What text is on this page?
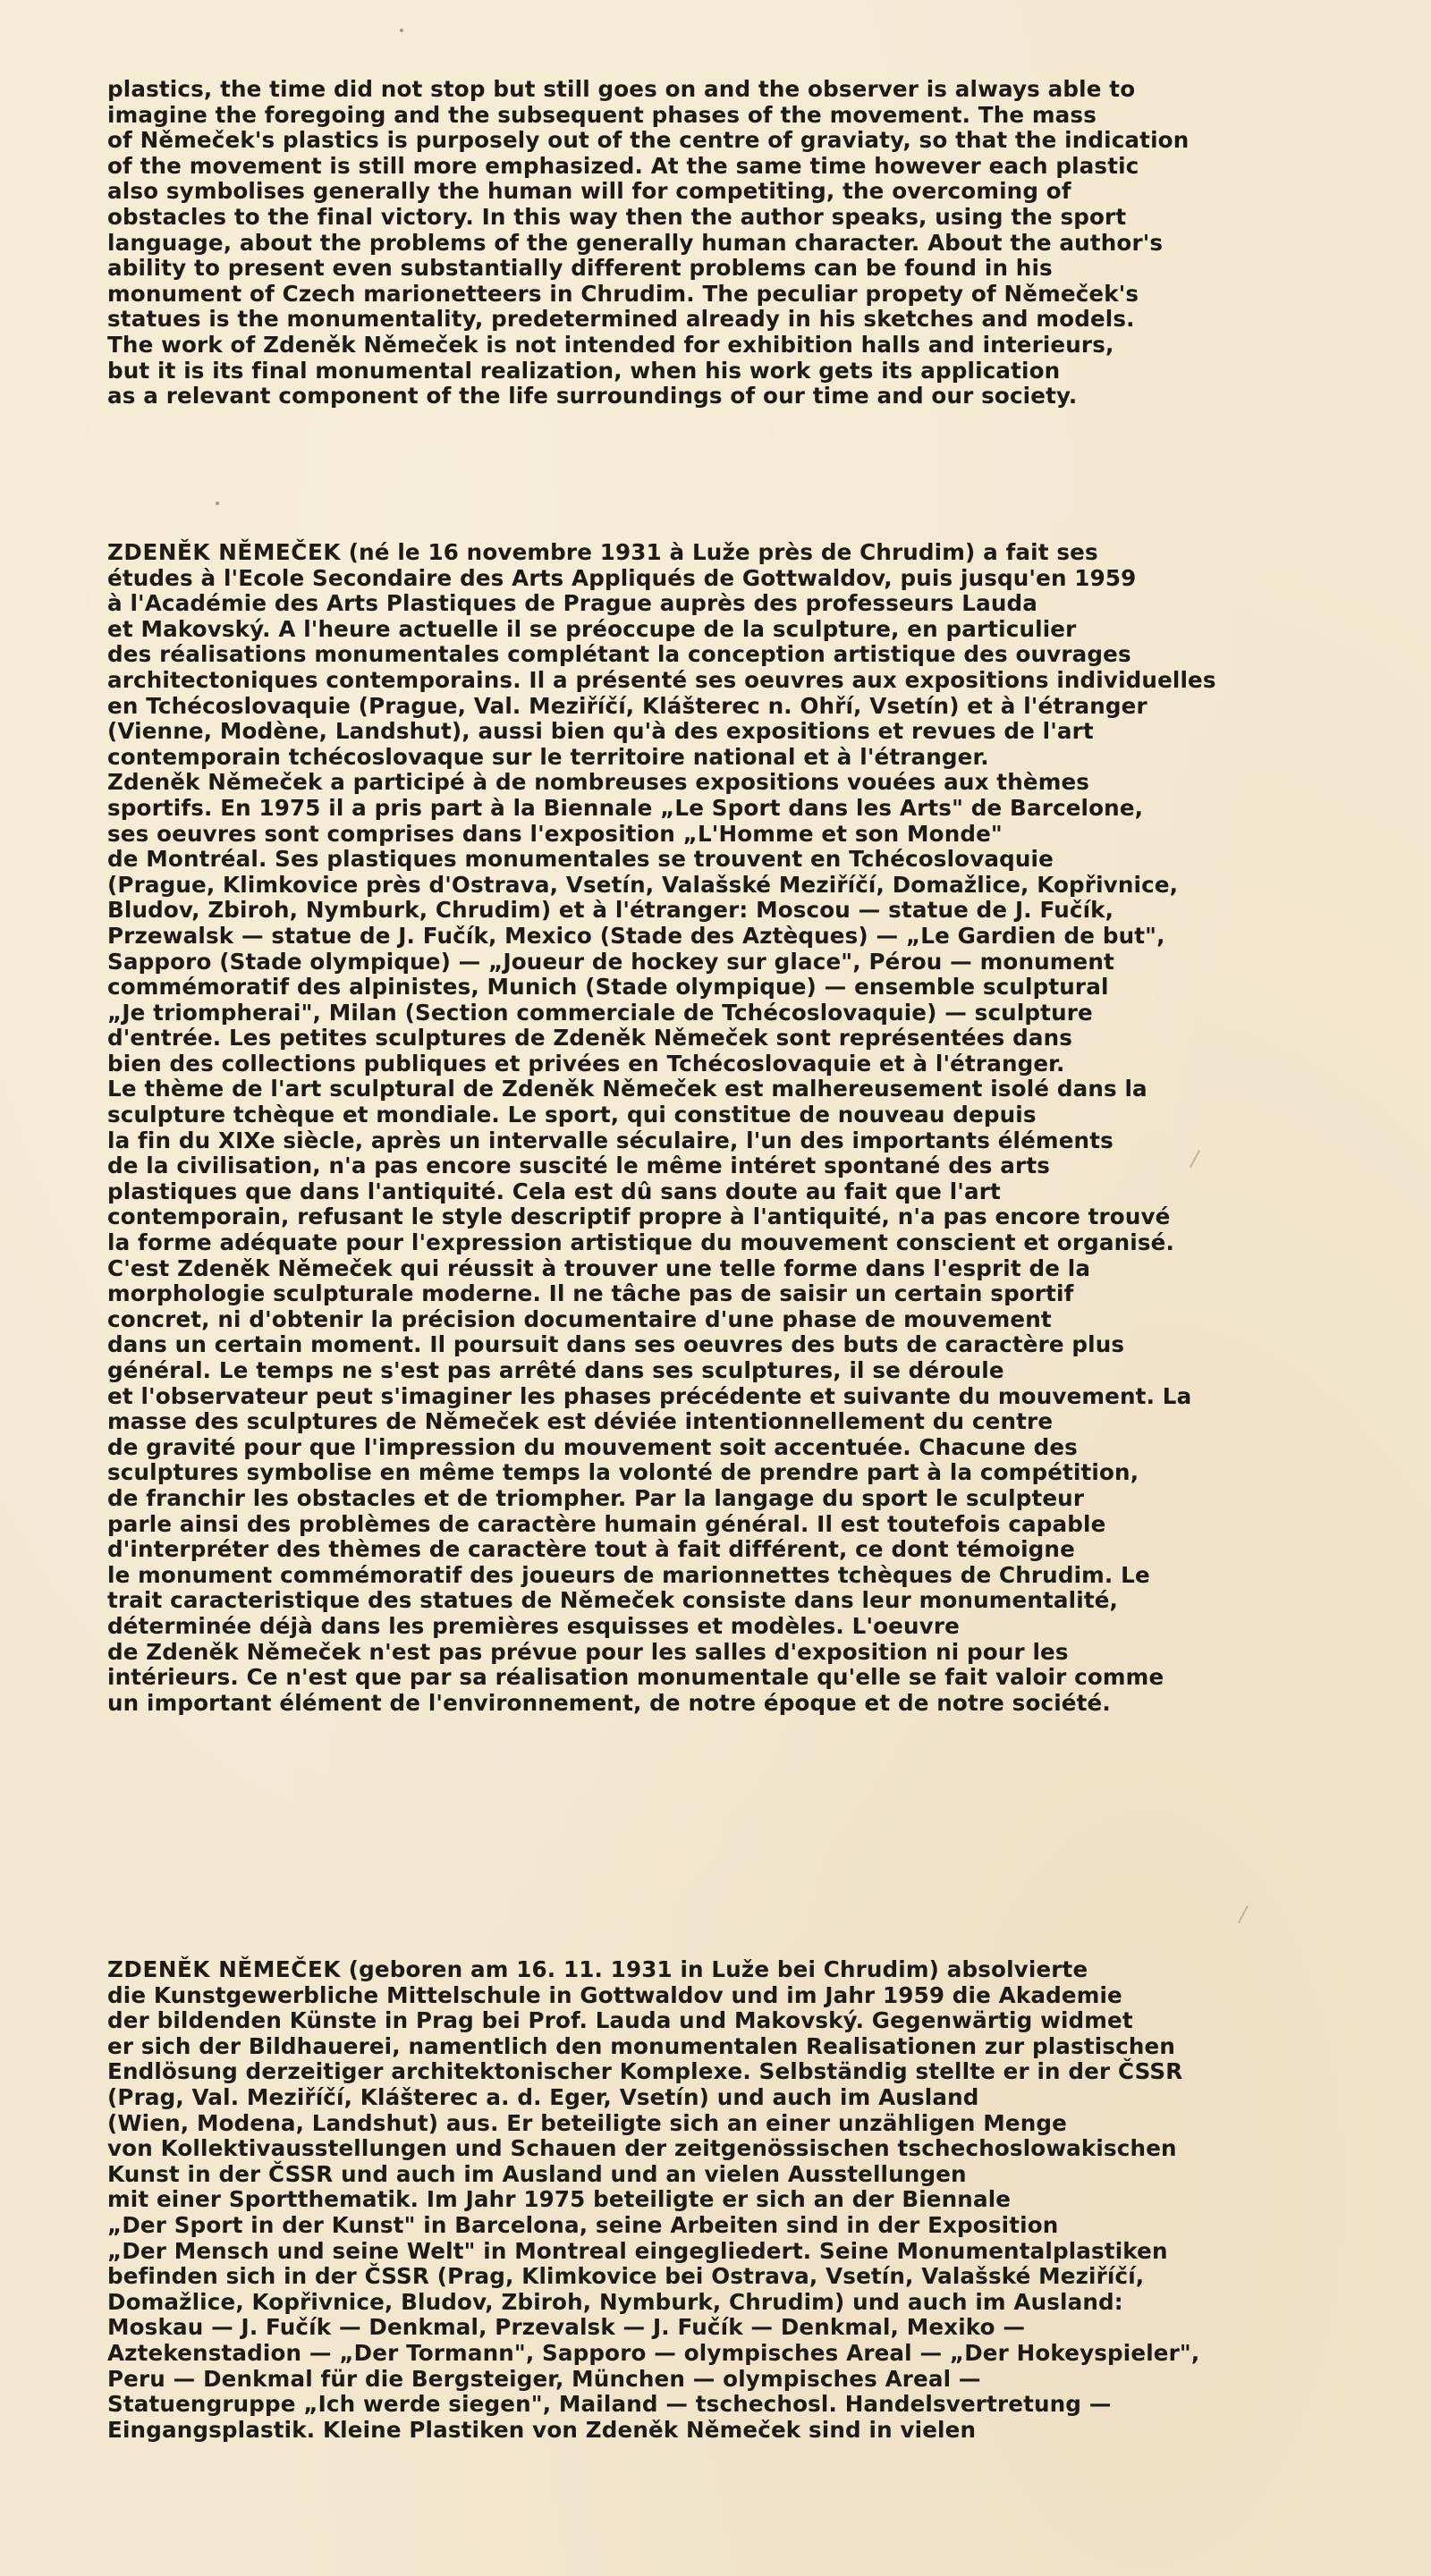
plastics, the time did not stop but still goes on and the observer is always able to
imagine the foregoing and the subsequent phases of the movement. The mass
of Němeček's plastics is purposely out of the centre of graviaty, so that the indication
of the movement is still more emphasized. At the same time however each plastic
also symbolises generally the human will for competiting, the overcoming of
obstacles to the final victory. In this way then the author speaks, using the sport
language, about the problems of the generally human character. About the author's
ability to present even substantially different problems can be found in his
monument of Czech marionetteers in Chrudim. The peculiar propety of Němeček's
statues is the monumentality, predetermined already in his sketches and models.
The work of Zdeněk Němeček is not intended for exhibition halls and interieurs,
but it is its final monumental realization, when his work gets its application
as a relevant component of the life surroundings of our time and our society.
ZDENĚK NĚMEČEK (né le 16 novembre 1931 à Luže près de Chrudim) a fait ses
études à l'Ecole Secondaire des Arts Appliqués de Gottwaldov, puis jusqu'en 1959
à l'Académie des Arts Plastiques de Prague auprès des professeurs Lauda
et Makovský. A l'heure actuelle il se préoccupe de la sculpture, en particulier
des réalisations monumentales complétant la conception artistique des ouvrages
architectoniques contemporains. Il a présenté ses oeuvres aux expositions individuelles
en Tchécoslovaquie (Prague, Val. Meziříčí, Klášterec n. Ohří, Vsetín) et à l'étranger
(Vienne, Modène, Landshut), aussi bien qu'à des expositions et revues de l'art
contemporain tchécoslovaque sur le territoire national et à l'étranger.
Zdeněk Němeček a participé à de nombreuses expositions vouées aux thèmes
sportifs. En 1975 il a pris part à la Biennale „Le Sport dans les Arts" de Barcelone,
ses oeuvres sont comprises dans l'exposition „L'Homme et son Monde"
de Montréal. Ses plastiques monumentales se trouvent en Tchécoslovaquie
(Prague, Klimkovice près d'Ostrava, Vsetín, Valašské Meziříčí, Domažlice, Kopřivnice,
Bludov, Zbiroh, Nymburk, Chrudim) et à l'étranger: Moscou — statue de J. Fučík,
Przewalsk — statue de J. Fučík, Mexico (Stade des Aztèques) — „Le Gardien de but",
Sapporo (Stade olympique) — „Joueur de hockey sur glace", Pérou — monument
commémoratif des alpinistes, Munich (Stade olympique) — ensemble sculptural
„Je triompherai", Milan (Section commerciale de Tchécoslovaquie) — sculpture
d'entrée. Les petites sculptures de Zdeněk Němeček sont représentées dans
bien des collections publiques et privées en Tchécoslovaquie et à l'étranger.
Le thème de l'art sculptural de Zdeněk Němeček est malhereusement isolé dans la
sculpture tchèque et mondiale. Le sport, qui constitue de nouveau depuis
la fin du XIXe siècle, après un intervalle séculaire, l'un des importants éléments
de la civilisation, n'a pas encore suscité le même intéret spontané des arts
plastiques que dans l'antiquité. Cela est dû sans doute au fait que l'art
contemporain, refusant le style descriptif propre à l'antiquité, n'a pas encore trouvé
la forme adéquate pour l'expression artistique du mouvement conscient et organisé.
C'est Zdeněk Němeček qui réussit à trouver une telle forme dans l'esprit de la
morphologie sculpturale moderne. Il ne tâche pas de saisir un certain sportif
concret, ni d'obtenir la précision documentaire d'une phase de mouvement
dans un certain moment. Il poursuit dans ses oeuvres des buts de caractère plus
général. Le temps ne s'est pas arrêté dans ses sculptures, il se déroule
et l'observateur peut s'imaginer les phases précédente et suivante du mouvement. La
masse des sculptures de Němeček est déviée intentionnellement du centre
de gravité pour que l'impression du mouvement soit accentuée. Chacune des
sculptures symbolise en même temps la volonté de prendre part à la compétition,
de franchir les obstacles et de triompher. Par la langage du sport le sculpteur
parle ainsi des problèmes de caractère humain général. Il est toutefois capable
d'interpréter des thèmes de caractère tout à fait différent, ce dont témoigne
le monument commémoratif des joueurs de marionnettes tchèques de Chrudim. Le
trait caracteristique des statues de Němeček consiste dans leur monumentalité,
déterminée déjà dans les premières esquisses et modèles. L'oeuvre
de Zdeněk Němeček n'est pas prévue pour les salles d'exposition ni pour les
intérieurs. Ce n'est que par sa réalisation monumentale qu'elle se fait valoir comme
un important élément de l'environnement, de notre époque et de notre société.
ZDENĚK NĚMEČEK (geboren am 16. 11. 1931 in Luže bei Chrudim) absolvierte
die Kunstgewerbliche Mittelschule in Gottwaldov und im Jahr 1959 die Akademie
der bildenden Künste in Prag bei Prof. Lauda und Makovský. Gegenwärtig widmet
er sich der Bildhauerei, namentlich den monumentalen Realisationen zur plastischen
Endlösung derzeitiger architektonischer Komplexe. Selbständig stellte er in der ČSSR
(Prag, Val. Meziříčí, Klášterec a. d. Eger, Vsetín) und auch im Ausland
(Wien, Modena, Landshut) aus. Er beteiligte sich an einer unzähligen Menge
von Kollektivausstellungen und Schauen der zeitgenössischen tschechoslowakischen
Kunst in der ČSSR und auch im Ausland und an vielen Ausstellungen
mit einer Sportthematik. Im Jahr 1975 beteiligte er sich an der Biennale
„Der Sport in der Kunst" in Barcelona, seine Arbeiten sind in der Exposition
„Der Mensch und seine Welt" in Montreal eingegliedert. Seine Monumentalplastiken
befinden sich in der ČSSR (Prag, Klimkovice bei Ostrava, Vsetín, Valašské Meziříčí,
Domažlice, Kopřivnice, Bludov, Zbiroh, Nymburk, Chrudim) und auch im Ausland:
Moskau — J. Fučík — Denkmal, Przevalsk — J. Fučík — Denkmal, Mexiko —
Aztekenstadion — „Der Tormann", Sapporo — olympisches Areal — „Der Hokeyspieler",
Peru — Denkmal für die Bergsteiger, München — olympisches Areal —
Statuengruppe „Ich werde siegen", Mailand — tschechosl. Handelsvertretung —
Eingangsplastik. Kleine Plastiken von Zdeněk Němeček sind in vielen
